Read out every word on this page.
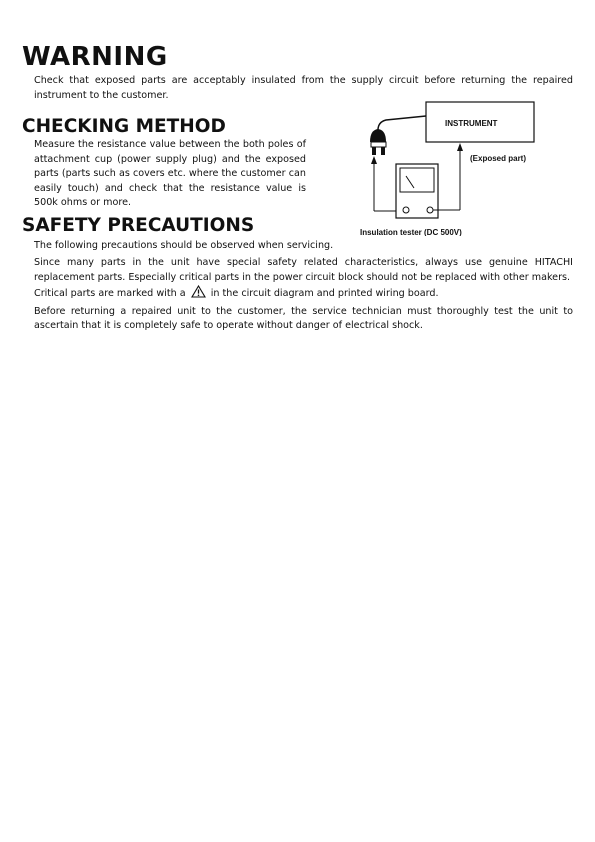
WARNING

Check that exposed parts are acceptably insulated from the supply circuit before returning the repaired instrument to the customer.

CHECKING METHOD

Measure the resistance value between the both poles of attachment cup (power supply plug) and the exposed parts (parts such as covers etc. where the customer can easily touch) and check that the resistance value is 500k ohms or more.

INSTRUMENT
(Exposed part)
Insulation tester (DC 500V)
SAFETY PRECAUTIONS

The following precautions should be observed when servicing.

Since many parts in the unit have special safety related characteristics, always use genuine HITACHI replacement parts. Especially critical parts in the power circuit block should not be replaced with other makers.
Critical parts are marked with a	in the circuit diagram and printed wiring board.

Before returning a repaired unit to the customer, the service technician must thoroughly test the unit to ascertain that it is completely safe to operate without danger of electrical shock.
